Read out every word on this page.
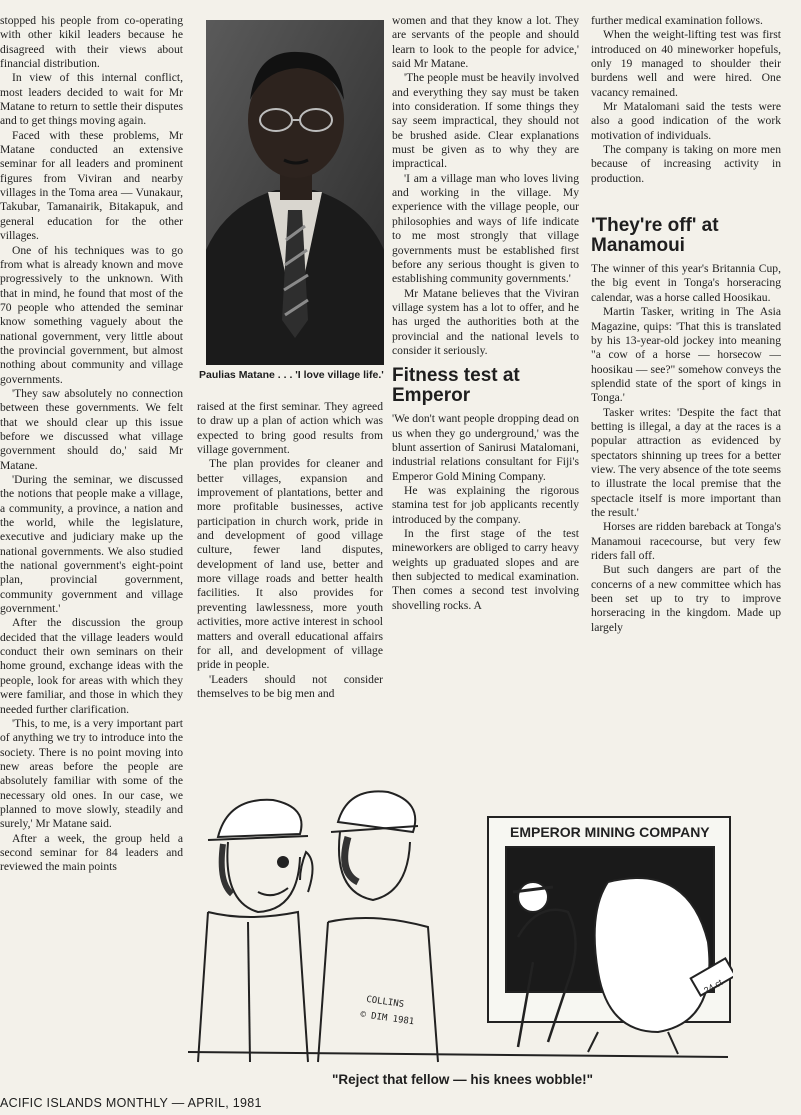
stopped his people from co-operating with other kikil leaders because he disagreed with their views about financial distribution.

In view of this internal conflict, most leaders decided to wait for Mr Matane to return to settle their disputes and to get things moving again.

Faced with these problems, Mr Matane conducted an extensive seminar for all leaders and prominent figures from Viviran and nearby villages in the Toma area — Vunakaur, Takubar, Tamanairik, Bitakapuk, and general education for the other villages.

One of his techniques was to go from what is already known and move progressively to the unknown. With that in mind, he found that most of the 70 people who attended the seminar know something vaguely about the national government, very little about the provincial government, but almost nothing about community and village governments.

'They saw absolutely no connection between these governments. We felt that we should clear up this issue before we discussed what village government should do,' said Mr Matane.

'During the seminar, we discussed the notions that people make a village, a community, a province, a nation and the world, while the legislature, executive and judiciary make up the national governments. We also studied the national government's eight-point plan, provincial government, community government and village government.'

After the discussion the group decided that the village leaders would conduct their own seminars on their home ground, exchange ideas with the people, look for areas with which they were familiar, and those in which they needed further clarification.

'This, to me, is a very important part of anything we try to introduce into the society. There is no point moving into new areas before the people are absolutely familiar with some of the necessary old ones. In our case, we planned to move slowly, steadily and surely,' Mr Matane said.

After a week, the group held a second seminar for 84 leaders and reviewed the main points

Paulias Matane . . . 'I love village life.'

raised at the first seminar. They agreed to draw up a plan of action which was expected to bring good results from village government.

The plan provides for cleaner and better villages, expansion and improvement of plantations, better and more profitable businesses, active participation in church work, pride in and development of good village culture, fewer land disputes, development of land use, better and more village roads and better health facilities. It also provides for preventing lawlessness, more youth activities, more active interest in school matters and overall educational affairs for all, and development of village pride in people.

'Leaders should not consider themselves to be big men and

women and that they know a lot. They are servants of the people and should learn to look to the people for advice,' said Mr Matane.

'The people must be heavily involved and everything they say must be taken into consideration. If some things they say seem impractical, they should not be brushed aside. Clear explanations must be given as to why they are impractical.

'I am a village man who loves living and working in the village. My experience with the village people, our philosophies and ways of life indicate to me most strongly that village governments must be established first before any serious thought is given to establishing community governments.'

Mr Matane believes that the Viviran village system has a lot to offer, and he has urged the authorities both at the provincial and the national levels to consider it seriously.

Fitness test at Emperor

'We don't want people dropping dead on us when they go underground,' was the blunt assertion of Sanirusi Matalomani, industrial relations consultant for Fiji's Emperor Gold Mining Company.

He was explaining the rigorous stamina test for job applicants recently introduced by the company.

In the first stage of the test mineworkers are obliged to carry heavy weights up graduated slopes and are then subjected to medical examination. Then comes a second test involving shovelling rocks. A

further medical examination follows.

When the weight-lifting test was first introduced on 40 mineworker hopefuls, only 19 managed to shoulder their burdens well and were hired. One vacancy remained.

Mr Matalomani said the tests were also a good indication of the work motivation of individuals.

The company is taking on more men because of increasing activity in production.

'They're off' at Manamoui

The winner of this year's Britannia Cup, the big event in Tonga's horseracing calendar, was a horse called Hoosikau.

Martin Tasker, writing in The Asia Magazine, quips: 'That this is translated by his 13-year-old jockey into meaning "a cow of a horse — horsecow — hoosikau — see?" somehow conveys the splendid state of the sport of kings in Tonga.'

Tasker writes: 'Despite the fact that betting is illegal, a day at the races is a popular attraction as evidenced by spectators shinning up trees for a better view. The very absence of the tote seems to illustrate the local premise that the spectacle itself is more important than the result.'

Horses are ridden bareback at Tonga's Manamoui racecourse, but very few riders fall off.

But such dangers are part of the concerns of a new committee which has been set up to try to improve horseracing in the kingdom. Made up largely

EMPEROR MINING COMPANY
24 ct
COLLINS
© DIM 1981
"Reject that fellow — his knees wobble!"
ACIFIC ISLANDS MONTHLY — APRIL, 1981
